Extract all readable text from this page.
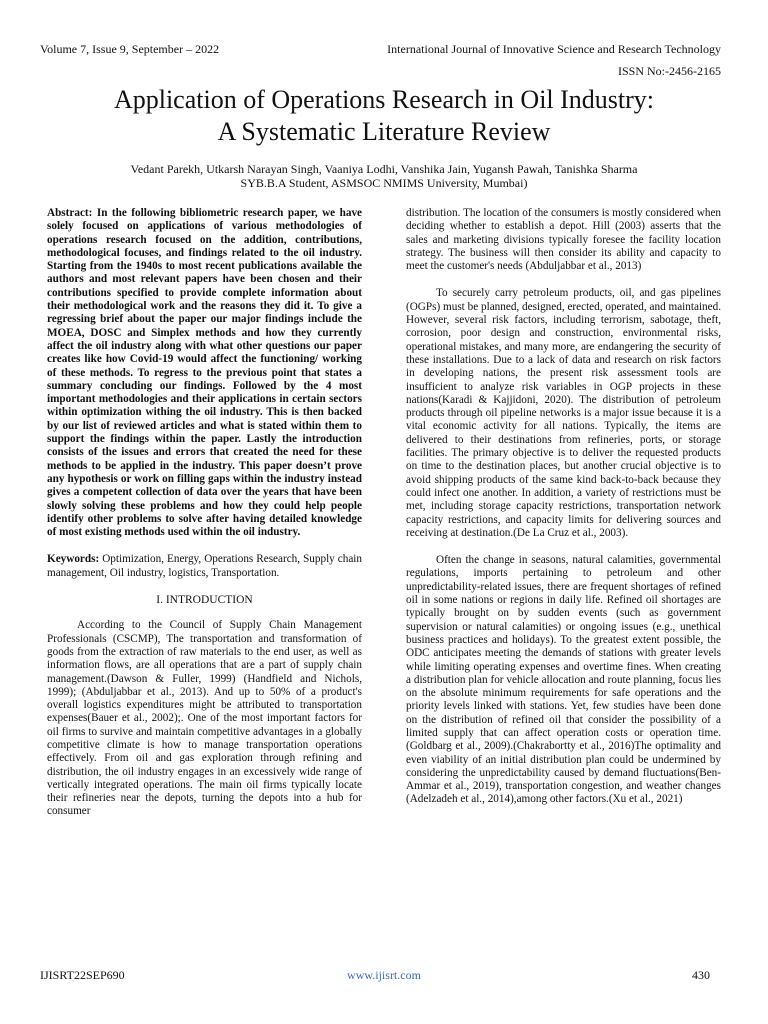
Volume 7, Issue 9, September – 2022	International Journal of Innovative Science and Research Technology
ISSN No:-2456-2165
Application of Operations Research in Oil Industry:
A Systematic Literature Review
Vedant Parekh, Utkarsh Narayan Singh, Vaaniya Lodhi, Vanshika Jain, Yugansh Pawah, Tanishka Sharma
SYB.B.A Student, ASMSOC NMIMS University, Mumbai)

Abstract: In the following bibliometric research paper, we have solely focused on applications of various methodologies of operations research focused on the addition, contributions, methodological focuses, and findings related to the oil industry. Starting from the 1940s to most recent publications available the authors and most relevant papers have been chosen and their contributions specified to provide complete information about their methodological work and the reasons they did it. To give a regressing brief about the paper our major findings include the MOEA, DOSC and Simplex methods and how they currently affect the oil industry along with what other questions our paper creates like how Covid-19 would affect the functioning/ working of these methods. To regress to the previous point that states a summary concluding our findings. Followed by the 4 most important methodologies and their applications in certain sectors within optimization withing the oil industry. This is then backed by our list of reviewed articles and what is stated within them to support the findings within the paper. Lastly the introduction consists of the issues and errors that created the need for these methods to be applied in the industry. This paper doesn’t prove any hypothesis or work on filling gaps within the industry instead gives a competent collection of data over the years that have been slowly solving these problems and how they could help people identify other problems to solve after having detailed knowledge of most existing methods used within the oil industry.

Keywords: Optimization, Energy, Operations Research, Supply chain management, Oil industry, logistics, Transportation.

I. INTRODUCTION

According to the Council of Supply Chain Management Professionals (CSCMP), The transportation and transformation of goods from the extraction of raw materials to the end user, as well as information flows, are all operations that are a part of supply chain management.(Dawson & Fuller, 1999) (Handfield and Nichols, 1999); (Abduljabbar et al., 2013). And up to 50% of a product's overall logistics expenditures might be attributed to transportation expenses(Bauer et al., 2002);. One of the most important factors for oil firms to survive and maintain competitive advantages in a globally competitive climate is how to manage transportation operations effectively. From oil and gas exploration through refining and distribution, the oil industry engages in an excessively wide range of vertically integrated operations. The main oil firms typically locate their refineries near the depots, turning the depots into a hub for consumer

distribution. The location of the consumers is mostly considered when deciding whether to establish a depot. Hill (2003) asserts that the sales and marketing divisions typically foresee the facility location strategy. The business will then consider its ability and capacity to meet the customer's needs (Abduljabbar et al., 2013)

To securely carry petroleum products, oil, and gas pipelines (OGPs) must be planned, designed, erected, operated, and maintained. However, several risk factors, including terrorism, sabotage, theft, corrosion, poor design and construction, environmental risks, operational mistakes, and many more, are endangering the security of these installations. Due to a lack of data and research on risk factors in developing nations, the present risk assessment tools are insufficient to analyze risk variables in OGP projects in these nations(Karadi & Kajjidoni, 2020). The distribution of petroleum products through oil pipeline networks is a major issue because it is a vital economic activity for all nations. Typically, the items are delivered to their destinations from refineries, ports, or storage facilities. The primary objective is to deliver the requested products on time to the destination places, but another crucial objective is to avoid shipping products of the same kind back-to-back because they could infect one another. In addition, a variety of restrictions must be met, including storage capacity restrictions, transportation network capacity restrictions, and capacity limits for delivering sources and receiving at destination.(De La Cruz et al., 2003).

Often the change in seasons, natural calamities, governmental regulations, imports pertaining to petroleum and other unpredictability-related issues, there are frequent shortages of refined oil in some nations or regions in daily life. Refined oil shortages are typically brought on by sudden events (such as government supervision or natural calamities) or ongoing issues (e.g., unethical business practices and holidays). To the greatest extent possible, the ODC anticipates meeting the demands of stations with greater levels while limiting operating expenses and overtime fines. When creating a distribution plan for vehicle allocation and route planning, focus lies on the absolute minimum requirements for safe operations and the priority levels linked with stations. Yet, few studies have been done on the distribution of refined oil that consider the possibility of a limited supply that can affect operation costs or operation time.(Goldbarg et al., 2009).(Chakrabortty et al., 2016)The optimality and even viability of an initial distribution plan could be undermined by considering the unpredictability caused by demand fluctuations(Ben-Ammar et al., 2019), transportation congestion, and weather changes (Adelzadeh et al., 2014),among other factors.(Xu et al., 2021)

IJISRT22SEP690	www.ijisrt.com	430
